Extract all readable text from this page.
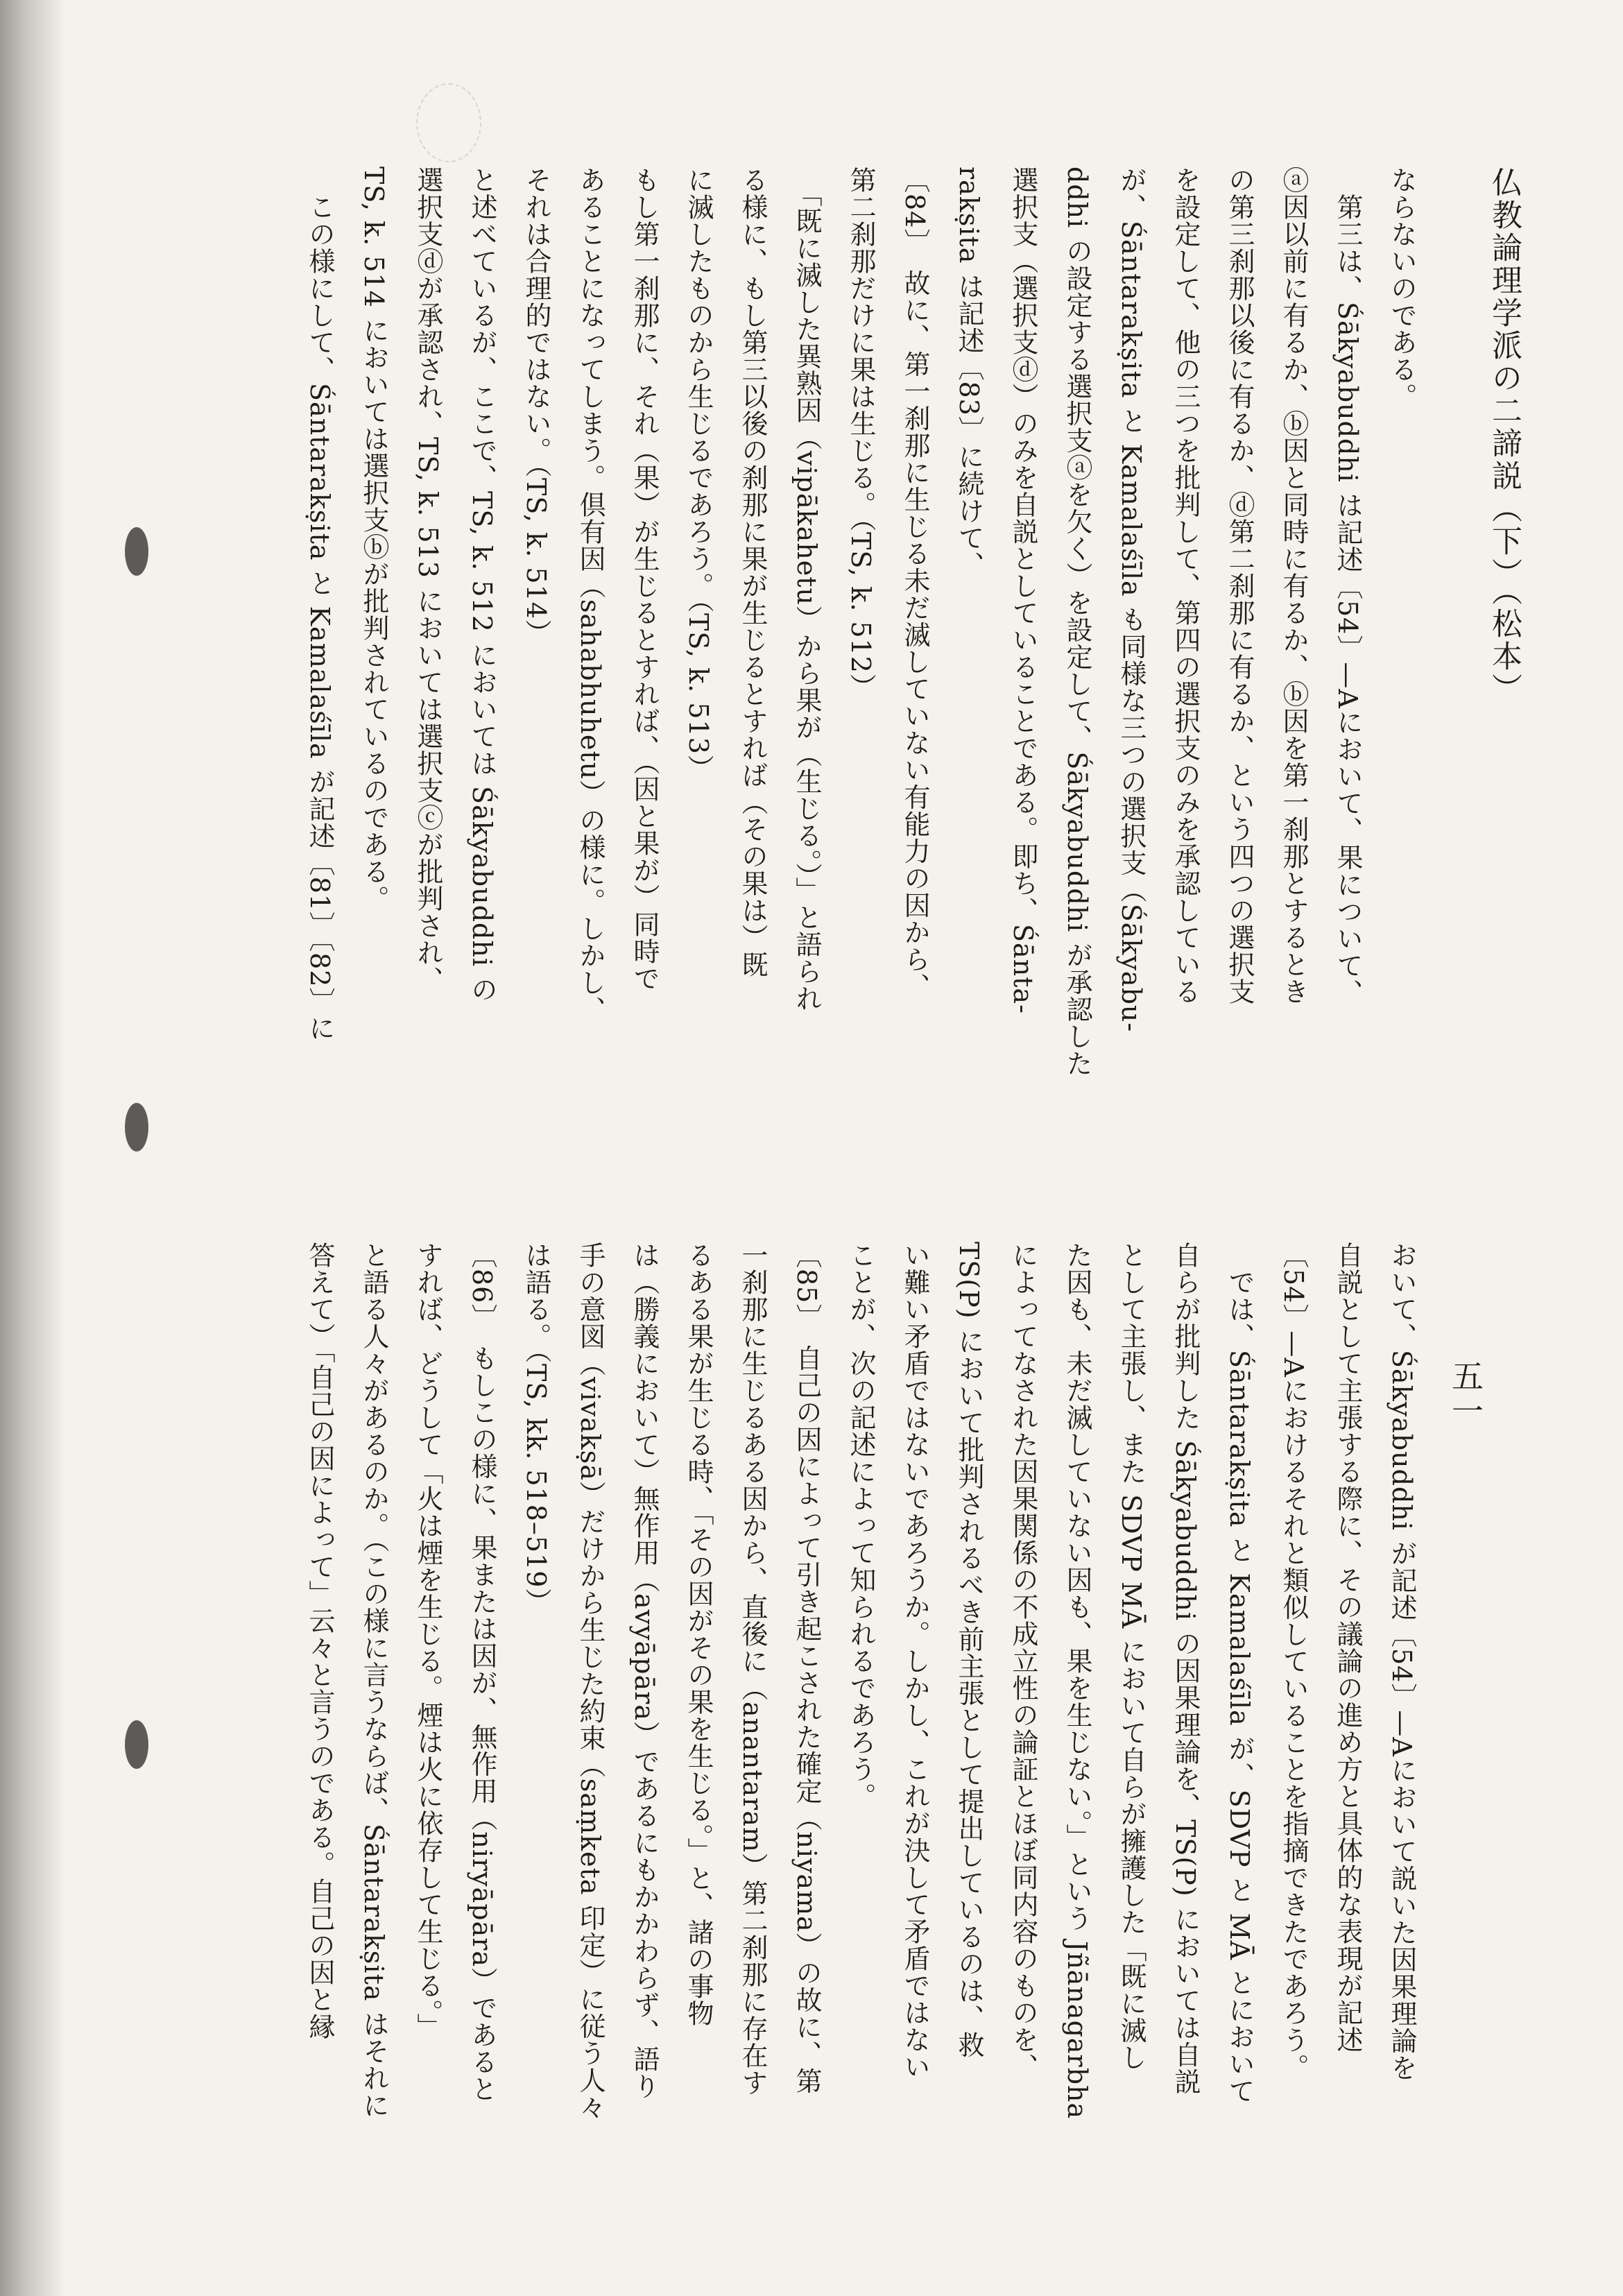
仏教論理学派の二諦説（下）（松本）
五一
ならないのである。
　第三は、Śākyabuddhi は記述〔54〕—Aにおいて、果について、
ⓐ因以前に有るか、ⓑ因と同時に有るか、ⓑ因を第一刹那とするとき
の第三刹那以後に有るか、ⓓ第二刹那に有るか、という四つの選択支
を設定して、他の三つを批判して、第四の選択支のみを承認している
が、Śāntarakṣita と Kamalaśīla も同様な三つの選択支（Śākyabu-
ddhi の設定する選択支ⓐを欠く）を設定して、Śākyabuddhi が承認した
選択支（選択支ⓓ）のみを自説としていることである。即ち、Śānta-
rakṣita は記述〔83〕に続けて、
〔84〕　故に、第一刹那に生じる未だ滅していない有能力の因から、
第二刹那だけに果は生じる。（TS, k. 512）
　「既に滅した異熟因（vipākahetu）から果が（生じる。）」と語られ
る様に、もし第三以後の刹那に果が生じるとすれば（その果は）既
に滅したものから生じるであろう。（TS, k. 513）
もし第一刹那に、それ（果）が生じるとすれば、（因と果が）同時で
あることになってしまう。倶有因（sahabhuhetu）の様に。しかし、
それは合理的ではない。（TS, k. 514）
と述べているが、ここで、TS, k. 512 においては Śākyabuddhi の
選択支ⓓが承認され、TS, k. 513 においては選択支ⓒが批判され、
TS, k. 514 においては選択支ⓑが批判されているのである。
　この様にして、Śāntarakṣita と Kamalaśīla が記述〔81〕〔82〕に
おいて、Śākyabuddhi が記述〔54〕—Aにおいて説いた因果理論を
自説として主張する際に、その議論の進め方と具体的な表現が記述
〔54〕—Aにおけるそれと類似していることを指摘できたであろう。
　では、Śāntarakṣita と Kamalaśīla が、SDVP と MĀ とにおいて
自らが批判した Śākyabuddhi の因果理論を、TS(P) においては自説
として主張し、また SDVP MĀ において自らが擁護した「既に滅し
た因も、未だ滅していない因も、果を生じない。」という Jñānagarbha
によってなされた因果関係の不成立性の論証とほぼ同内容のものを、
TS(P) において批判されるべき前主張として提出しているのは、救
い難い矛盾ではないであろうか。しかし、これが決して矛盾ではない
ことが、次の記述によって知られるであろう。
〔85〕　自己の因によって引き起こされた確定（niyama）の故に、第
一刹那に生じるある因から、直後に（anantaram）第二刹那に存在す
るある果が生じる時、「その因がその果を生じる。」と、諸の事物
は（勝義において）無作用（avyāpāra）であるにもかかわらず、語り
手の意図（vivakṣā）だけから生じた約束（saṃketa 印定）に従う人々
は語る。（TS, kk. 518–519）
〔86〕　もしこの様に、果または因が、無作用（niryāpāra）であると
すれば、どうして「火は煙を生じる。煙は火に依存して生じる。」
と語る人々があるのか。（この様に言うならば、Śāntarakṣita はそれに
答えて）「自己の因によって」云々と言うのである。自己の因と縁
